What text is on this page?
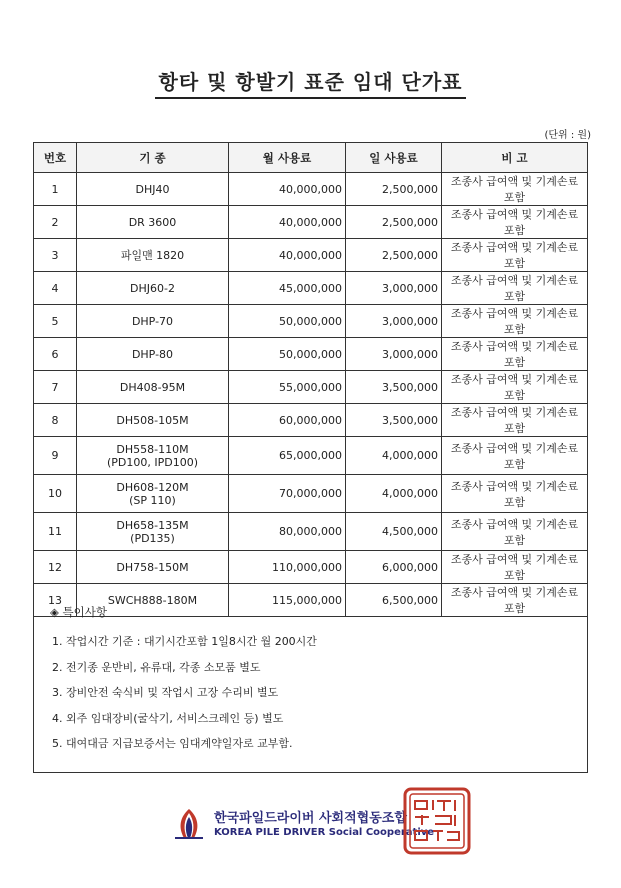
항타 및 항발기 표준 임대 단가표
(단위 : 원)
번호	기 종	월 사용료	일 사용료	비 고
1	DHJ40	40,000,000	2,500,000	조종사 급여액 및 기계손료 포함
2	DR 3600	40,000,000	2,500,000	조종사 급여액 및 기계손료 포함
3	파일맨 1820	40,000,000	2,500,000	조종사 급여액 및 기계손료 포함
4	DHJ60-2	45,000,000	3,000,000	조종사 급여액 및 기계손료 포함
5	DHP-70	50,000,000	3,000,000	조종사 급여액 및 기계손료 포함
6	DHP-80	50,000,000	3,000,000	조종사 급여액 및 기계손료 포함
7	DH408-95M	55,000,000	3,500,000	조종사 급여액 및 기계손료 포함
8	DH508-105M	60,000,000	3,500,000	조종사 급여액 및 기계손료 포함
9	DH558-110M
(PD100, IPD100)	65,000,000	4,000,000	조종사 급여액 및 기계손료 포함
10	DH608-120M
(SP 110)	70,000,000	4,000,000	조종사 급여액 및 기계손료 포함
11	DH658-135M
(PD135)	80,000,000	4,500,000	조종사 급여액 및 기계손료 포함
12	DH758-150M	110,000,000	6,000,000	조종사 급여액 및 기계손료 포함
13	SWCH888-180M	115,000,000	6,500,000	조종사 급여액 및 기계손료 포함
◈ 특이사항
1. 작업시간 기준 : 대기시간포함 1일8시간 월 200시간
2. 전기종 운반비, 유류대, 각종 소모품 별도
3. 장비안전 숙식비 및 작업시 고장 수리비 별도
4. 외주 임대장비(굴삭기, 서비스크레인 등) 별도
5. 대여대금 지급보증서는 임대계약일자로 교부함.
한국파일드라이버 사회적협동조합
KOREA PILE DRIVER Social Cooperative
